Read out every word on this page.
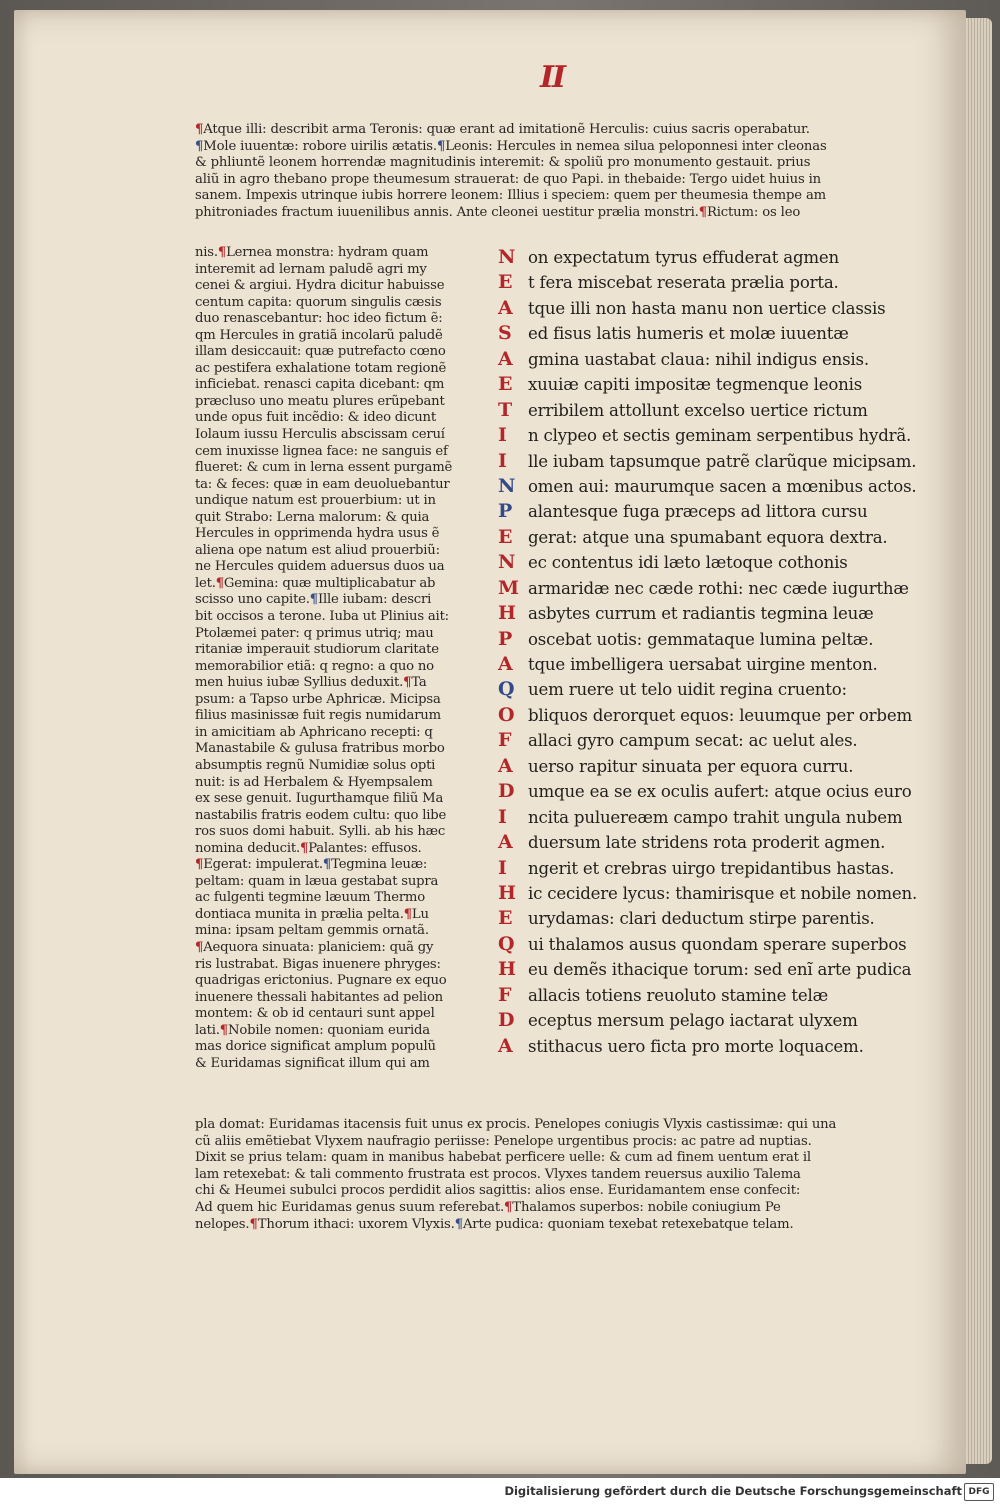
II
¶Atque illi: describit arma Teronis: quæ erant ad imitationẽ Herculis: cuius sacris operabatur.
¶Mole iuuentæ: robore uirilis ætatis.¶Leonis: Hercules in nemea silua peloponnesi inter cleonas
& phliuntẽ leonem horrendæ magnitudinis interemit: & spoliũ pro monumento gestauit. prius
aliũ in agro thebano prope theumesum strauerat: de quo Papi. in thebaide: Tergo uidet huius in
sanem. Impexis utrinque iubis horrere leonem: Illius i speciem: quem per theumesia thempe am
phitroniades fractum iuuenilibus annis. Ante cleonei uestitur prælia monstri.¶Rictum: os leo
nis.¶Lernea monstra: hydram quam
interemit ad lernam paludẽ agri my
cenei & argiui. Hydra dicitur habuisse
centum capita: quorum singulis cæsis
duo renascebantur: hoc ideo fictum ẽ:
qm Hercules in gratiã incolarũ paludẽ
illam desiccauit: quæ putrefacto cœno
ac pestifera exhalatione totam regionẽ
inficiebat. renasci capita dicebant: qm
præcluso uno meatu plures erũpebant
unde opus fuit incẽdio: & ideo dicunt
Iolaum iussu Herculis abscissam ceruí
cem inuxisse lignea face: ne sanguis ef
flueret: & cum in lerna essent purgamẽ
ta: & feces: quæ in eam deuoluebantur
undique natum est prouerbium: ut in
quit Strabo: Lerna malorum: & quia
Hercules in opprimenda hydra usus ẽ
aliena ope natum est aliud prouerbiũ:
ne Hercules quidem aduersus duos ua
let.¶Gemina: quæ multiplicabatur ab
scisso uno capite.¶Ille iubam: descri
bit occisos a terone. Iuba ut Plinius ait:
Ptolæmei pater: q primus utriq; mau
ritaniæ imperauit studiorum claritate
memorabilior etiã: q regno: a quo no
men huius iubæ Syllius deduxit.¶Ta
psum: a Tapso urbe Aphricæ. Micipsa
filius masinissæ fuit regis numidarum
in amicitiam ab Aphricano recepti: q
Manastabile & gulusa fratribus morbo
absumptis regnũ Numidiæ solus opti
nuit: is ad Herbalem & Hyempsalem
ex sese genuit. Iugurthamque filiũ Ma
nastabilis fratris eodem cultu: quo libe
ros suos domi habuit. Sylli. ab his hæc
nomina deducit.¶Palantes: effusos.
¶Egerat: impulerat.¶Tegmina leuæ:
peltam: quam in læua gestabat supra
ac fulgenti tegmine læuum Thermo
dontiaca munita in prælia pelta.¶Lu
mina: ipsam peltam gemmis ornatã.
¶Aequora sinuata: planiciem: quã gy
ris lustrabat. Bigas inuenere phryges:
quadrigas erictonius. Pugnare ex equo
inuenere thessali habitantes ad pelion
montem: & ob id centauri sunt appel
lati.¶Nobile nomen: quoniam eurida
mas dorice significat amplum populũ
& Euridamas significat illum qui am
N on expectatum tyrus effuderat agmen
E t fera miscebat reserata prælia porta.
A tque illi non hasta manu non uertice classis
S ed fisus latis humeris et molæ iuuentæ
A gmina uastabat claua: nihil indigus ensis.
E xuuiæ capiti impositæ tegmenque leonis
T erribilem attollunt excelso uertice rictum
I	n clypeo et sectis geminam serpentibus hydrã.
I	lle iubam tapsumque patrẽ clarũque micipsam.
N omen aui: maurumque sacen a mœnibus actos.
P alantesque fuga præceps ad littora cursu
E gerat: atque una spumabant equora dextra.
N ec contentus idi læto lætoque cothonis
M armaridæ nec cæde rothi: nec cæde iugurthæ
H asbytes currum et radiantis tegmina leuæ
P oscebat uotis: gemmataque lumina peltæ.
A tque imbelligera uersabat uirgine menton.
Q uem ruere ut telo uidit regina cruento:
O bliquos derorquet equos: leuumque per orbem
F allaci gyro campum secat: ac uelut ales.
A uerso rapitur sinuata per equora curru.
D umque ea se ex oculis aufert: atque ocius euro
I	ncita puluereæm campo trahit ungula nubem
A duersum late stridens rota proderit agmen.
I	ngerit et crebras uirgo trepidantibus hastas.
H ic cecidere lycus: thamirisque et nobile nomen.
E urydamas: clari deductum stirpe parentis.
Q ui thalamos ausus quondam sperare superbos
H eu demẽs ithacique torum: sed enĩ arte pudica
F allacis totiens reuoluto stamine telæ
D eceptus mersum pelago iactarat ulyxem
A stithacus uero ficta pro morte loquacem.
pla domat: Euridamas itacensis fuit unus ex procis. Penelopes coniugis Vlyxis castissimæ: qui una
cũ aliis emẽtiebat Vlyxem naufragio periisse: Penelope urgentibus procis: ac patre ad nuptias.
Dixit se prius telam: quam in manibus habebat perficere uelle: & cum ad finem uentum erat il
lam retexebat: & tali commento frustrata est procos. Vlyxes tandem reuersus auxilio Talema
chi & Heumei subulci procos perdidit alios sagittis: alios ense. Euridamantem ense confecit:
Ad quem hic Euridamas genus suum referebat.¶Thalamos superbos: nobile coniugium Pe
nelopes.¶Thorum ithaci: uxorem Vlyxis.¶Arte pudica: quoniam texebat retexebatque telam.
Digitalisierung gefördert durch die Deutsche Forschungsgemeinschaft DFG
